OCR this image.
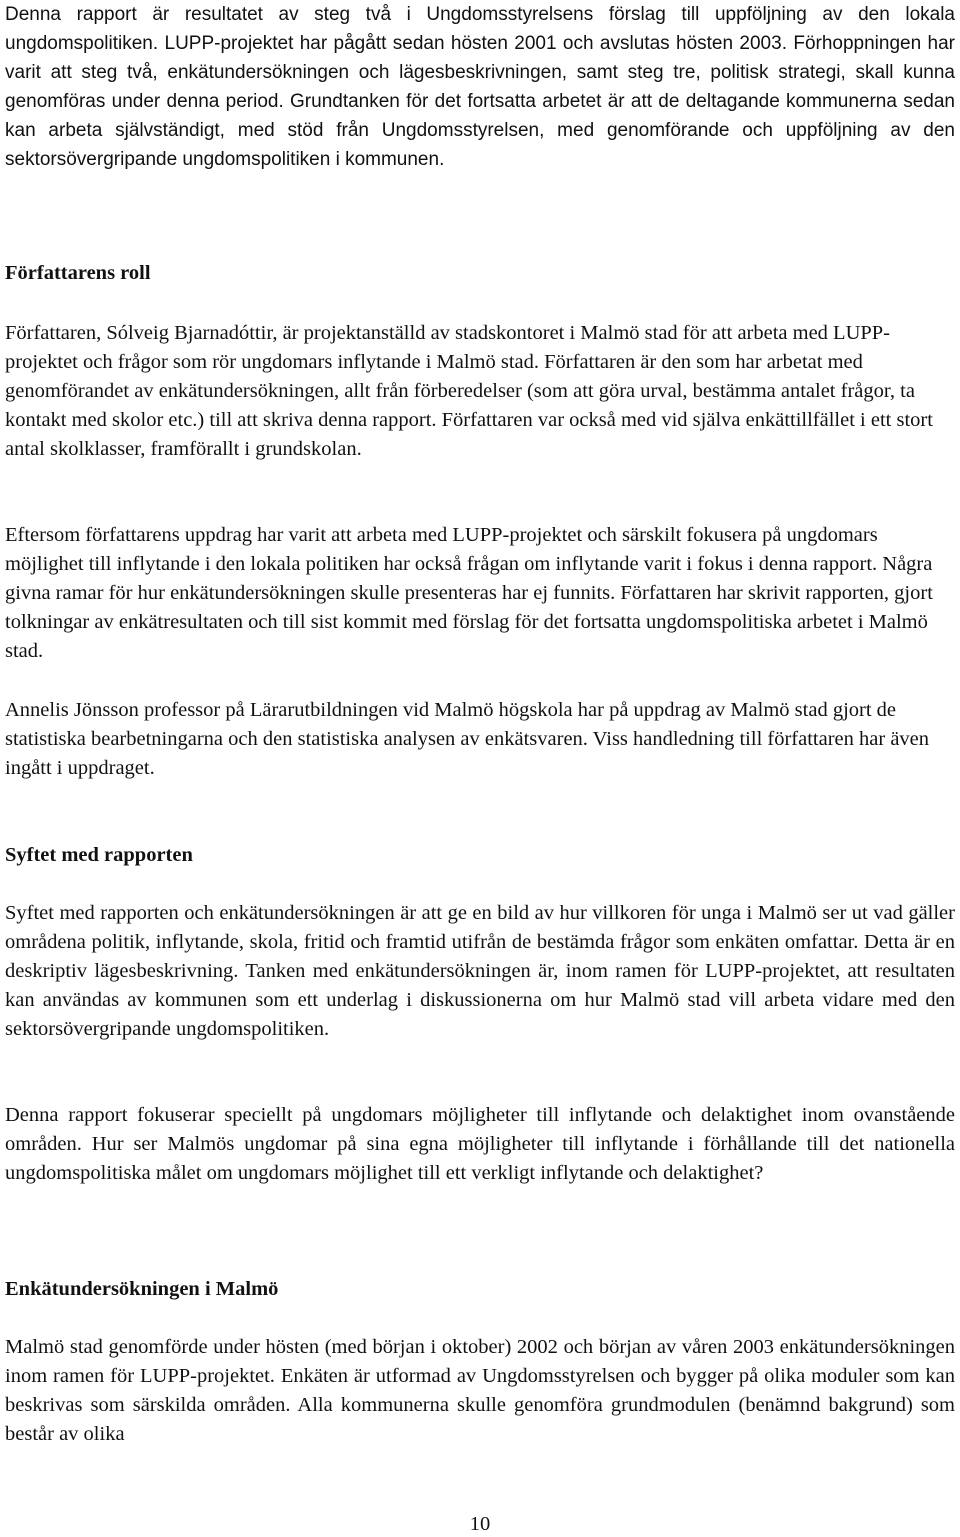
Denna rapport är resultatet av steg två i Ungdomsstyrelsens förslag till uppföljning av den lokala ungdomspolitiken. LUPP-projektet har pågått sedan hösten 2001 och avslutas hösten 2003. Förhoppningen har varit att steg två, enkätundersökningen och lägesbeskrivningen, samt steg tre, politisk strategi, skall kunna genomföras under denna period. Grundtanken för det fortsatta arbetet är att de deltagande kommunerna sedan kan arbeta självständigt, med stöd från Ungdomsstyrelsen, med genomförande och uppföljning av den sektorsövergripande ungdomspolitiken i kommunen.

Författarens roll

Författaren, Sólveig Bjarnadóttir, är projektanställd av stadskontoret i Malmö stad för att arbeta med LUPP-projektet och frågor som rör ungdomars inflytande i Malmö stad. Författaren är den som har arbetat med genomförandet av enkätundersökningen, allt från förberedelser (som att göra urval, bestämma antalet frågor, ta kontakt med skolor etc.) till att skriva denna rapport. Författaren var också med vid själva enkättillfället i ett stort antal skolklasser, framförallt i grundskolan.

Eftersom författarens uppdrag har varit att arbeta med LUPP-projektet och särskilt fokusera på ungdomars möjlighet till inflytande i den lokala politiken har också frågan om inflytande varit i fokus i denna rapport. Några givna ramar för hur enkätundersökningen skulle presenteras har ej funnits. Författaren har skrivit rapporten, gjort tolkningar av enkätresultaten och till sist kommit med förslag för det fortsatta ungdomspolitiska arbetet i Malmö stad.

Annelis Jönsson professor på Lärarutbildningen vid Malmö högskola har på uppdrag av Malmö stad gjort de statistiska bearbetningarna och den statistiska analysen av enkätsvaren. Viss handledning till författaren har även ingått i uppdraget.

Syftet med rapporten

Syftet med rapporten och enkätundersökningen är att ge en bild av hur villkoren för unga i Malmö ser ut vad gäller områdena politik, inflytande, skola, fritid och framtid utifrån de bestämda frågor som enkäten omfattar. Detta är en deskriptiv lägesbeskrivning. Tanken med enkätundersökningen är, inom ramen för LUPP-projektet, att resultaten kan användas av kommunen som ett underlag i diskussionerna om hur Malmö stad vill arbeta vidare med den sektorsövergripande ungdomspolitiken.

Denna rapport fokuserar speciellt på ungdomars möjligheter till inflytande och delaktighet inom ovanstående områden. Hur ser Malmös ungdomar på sina egna möjligheter till inflytande i förhållande till det nationella ungdomspolitiska målet om ungdomars möjlighet till ett verkligt inflytande och delaktighet?

Enkätundersökningen i Malmö

Malmö stad genomförde under hösten (med början i oktober) 2002 och början av våren 2003 enkätundersökningen inom ramen för LUPP-projektet. Enkäten är utformad av Ungdomsstyrelsen och bygger på olika moduler som kan beskrivas som särskilda områden. Alla kommunerna skulle genomföra grundmodulen (benämnd bakgrund) som består av olika

10
